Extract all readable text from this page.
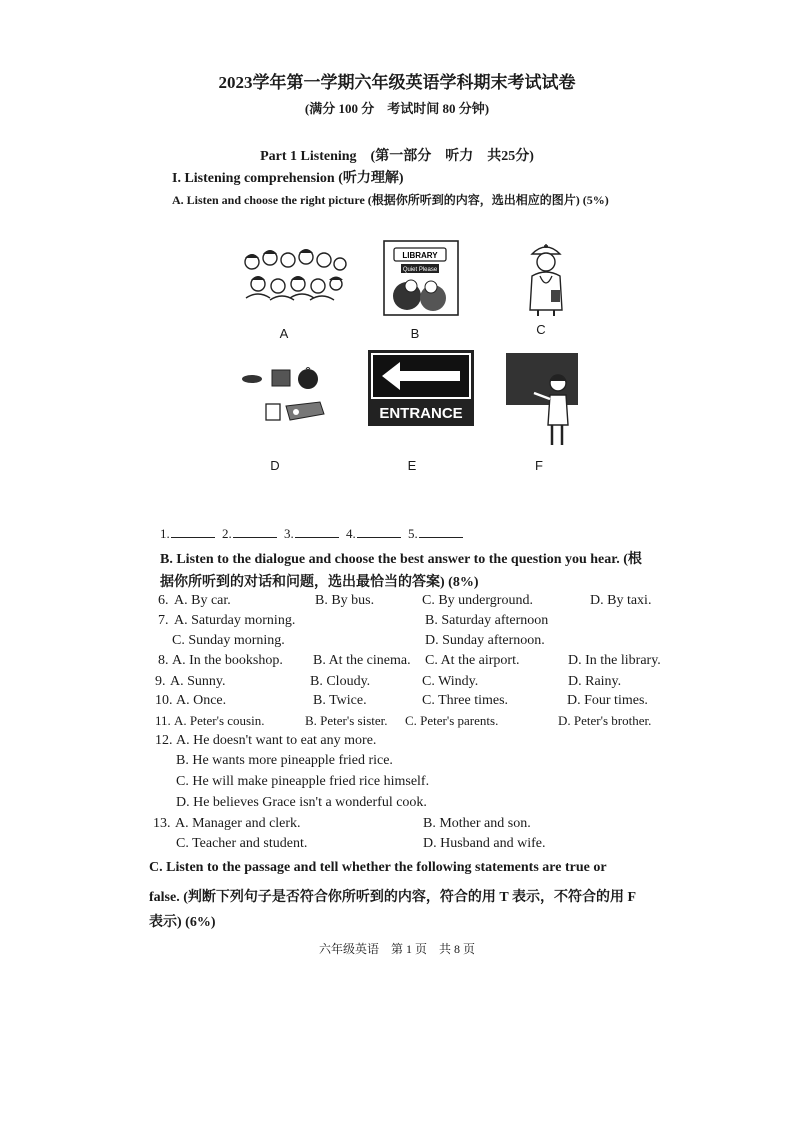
2023学年第一学期六年级英语学科期末考试试卷
(满分 100 分　考试时间 80 分钟)
Part 1 Listening　(第一部分　听力　共25分)
I. Listening comprehension (听力理解)
A. Listen and choose the right picture (根据你所听到的内容，选出相应的图片) (5%)
A
LIBRARY
Quiet Please
B	C
D
ENTRANCE
E	F
1.	2.	3.	4.	5.
B. Listen to the dialogue and choose the best answer to the question you hear. (根
据你所听到的对话和问题，选出最恰当的答案) (8%)
6. A. By car.	B. By bus.	C. By underground.	D. By taxi.
7. A. Saturday morning.	B. Saturday afternoon
C. Sunday morning.	D. Sunday afternoon.
8. A. In the bookshop. B. At the cinema. C. At the airport.	D. In the library.
9. A. Sunny.	B. Cloudy.	C. Windy.	D. Rainy.
10. A. Once.	B. Twice.	C. Three times.	D. Four times.
11. A. Peter's cousin.	B. Peter's sister. C. Peter's parents.	D. Peter's brother.
12. A. He doesn't want to eat any more.
B. He wants more pineapple fried rice.
C. He will make pineapple fried rice himself.
D. He believes Grace isn't a wonderful cook.
13. A. Manager and clerk.	B. Mother and son.
C. Teacher and student.	D. Husband and wife.
C. Listen to the passage and tell whether the following statements are true or
false. (判断下列句子是否符合你所听到的内容，符合的用 T 表示，不符合的用 F
表示) (6%)
六年级英语　第 1 页　共 8 页
